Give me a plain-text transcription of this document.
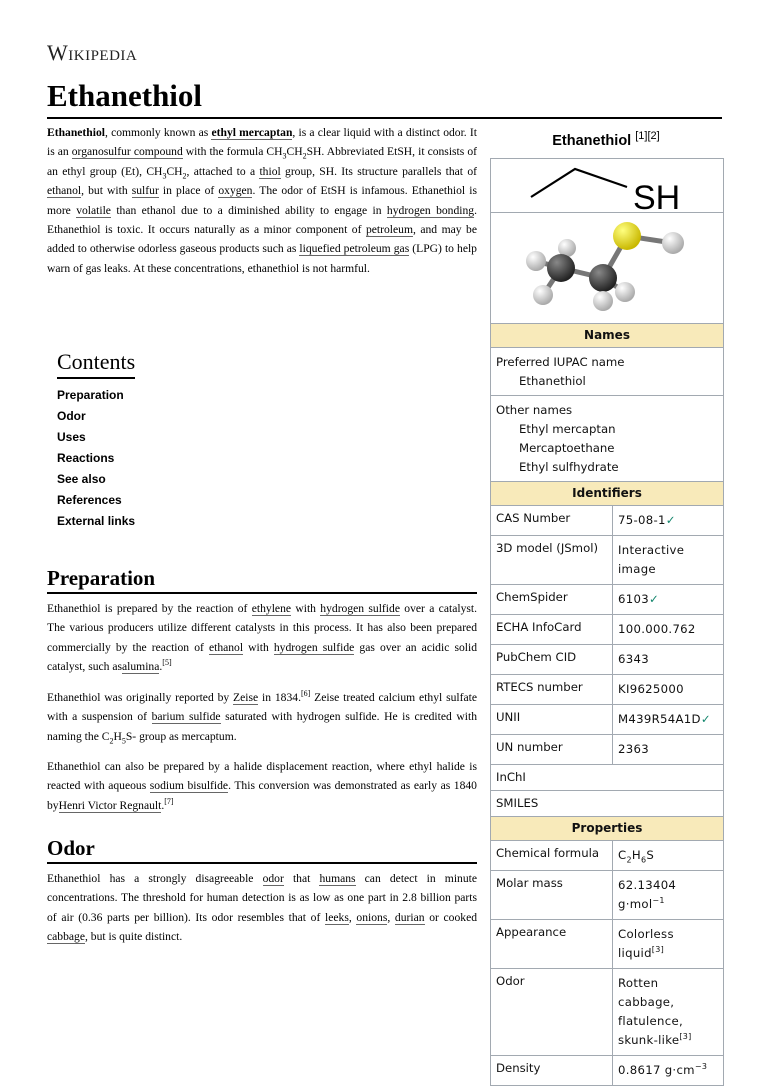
Wikipedia
Ethanethiol
Ethanethiol, commonly known as ethyl mercaptan, is a clear liquid with a distinct odor. It is an organosulfur compound with the formula $CH_3CH_2SH$. Abbreviated EtSH, it consists of an ethyl group (Et), $CH_3CH_2$, attached to a thiol group, SH. Its structure parallels that of ethanol, but with sulfur in place of oxygen. The odor of EtSH is infamous. Ethanethiol is more volatile than ethanol due to a diminished ability to engage in hydrogen bonding. Ethanethiol is toxic. It occurs naturally as a minor component of petroleum, and may be added to otherwise odorless gaseous products such as liquefied petroleum gas (LPG) to help warn of gas leaks. At these concentrations, ethanethiol is not harmful.
Contents
Preparation
Odor
Uses
Reactions
See also
References
External links
Preparation
Ethanethiol is prepared by the reaction of ethylene with hydrogen sulfide over a catalyst. The various producers utilize different catalysts in this process. It has also been prepared commercially by the reaction of ethanol with hydrogen sulfide gas over an acidic solid catalyst, such asalumina.[5]
Ethanethiol was originally reported by Zeise in 1834.[6] Zeise treated calcium ethyl sulfate with a suspension of barium sulfide saturated with hydrogen sulfide. He is credited with naming the $C_2H_5S-$ group as mercaptum.
Ethanethiol can also be prepared by a halide displacement reaction, where ethyl halide is reacted with aqueous sodium bisulfide. This conversion was demonstrated as early as 1840 byHenri Victor Regnault.[7]
Odor
Ethanethiol has a strongly disagreeable odor that humans can detect in minute concentrations. The threshold for human detection is as low as one part in 2.8 billion parts of air (0.36 parts per billion). Its odor resembles that of leeks, onions, durian or cooked cabbage, but is quite distinct.
Ethanethiol [1][2]
SH
Names
Preferred IUPAC name
Ethanethiol
Other names
Ethyl mercaptan
Mercaptoethane
Ethyl sulfhydrate
Identifiers
CAS Number	75-08-1✓
3D model (JSmol)	Interactive image
ChemSpider	6103✓
ECHA InfoCard	100.000.762
PubChem CID	6343
RTECS number	KI9625000
UNII	M439R54A1D✓
UN number	2363
InChI
SMILES
Properties
Chemical formula	$C_2H_6S$
Molar mass	62.13404 g·mol$^{-1}$
Appearance	Colorless liquid[3]
Odor	Rotten cabbage, flatulence, skunk-like[3]
Density	0.8617 $g\cdot cm^{-3}$
